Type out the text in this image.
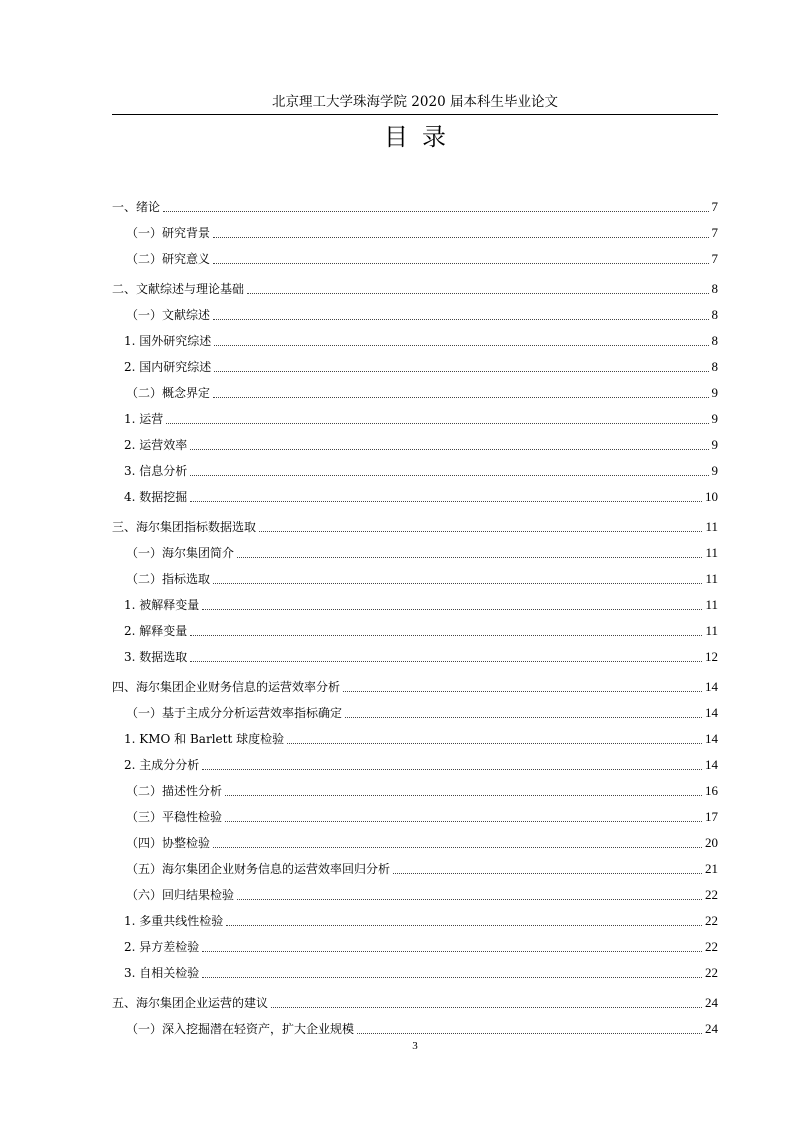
北京理工大学珠海学院 2020 届本科生毕业论文
目录
一、绪论	7
（一）研究背景	7
（二）研究意义	7
二、文献综述与理论基础	8
（一）文献综述	8
1. 国外研究综述	8
2. 国内研究综述	8
（二）概念界定	9
1. 运营	9
2. 运营效率	9
3. 信息分析	9
4. 数据挖掘	10
三、海尔集团指标数据选取	11
（一）海尔集团简介	11
（二）指标选取	11
1. 被解释变量	11
2. 解释变量	11
3. 数据选取	12
四、海尔集团企业财务信息的运营效率分析	14
（一）基于主成分分析运营效率指标确定	14
1. KMO 和 Barlett 球度检验	14
2. 主成分分析	14
（二）描述性分析	16
（三）平稳性检验	17
（四）协整检验	20
（五）海尔集团企业财务信息的运营效率回归分析	21
（六）回归结果检验	22
1. 多重共线性检验	22
2. 异方差检验	22
3. 自相关检验	22
五、海尔集团企业运营的建议	24
（一）深入挖掘潜在轻资产，扩大企业规模	24
3
